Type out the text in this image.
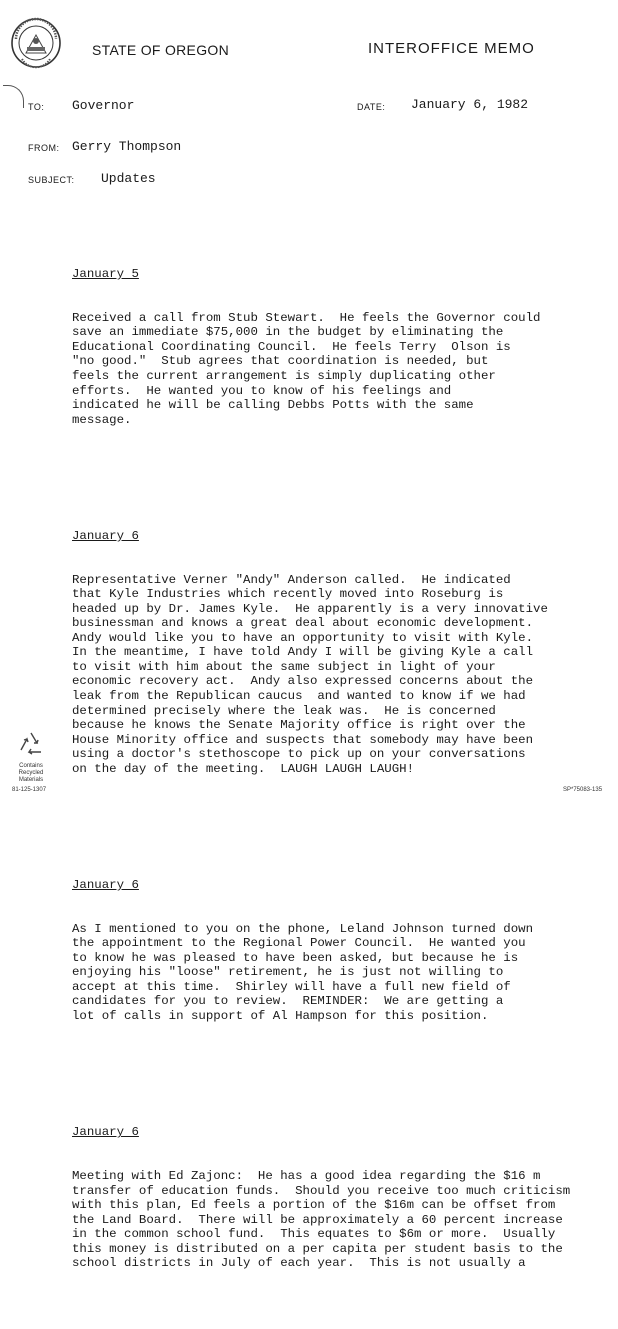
STATE OF OREGON	INTEROFFICE MEMO
TO: Governor	DATE: January 6, 1982
FROM: Gerry Thompson
SUBJECT: Updates

January 5

Received a call from Stub Stewart.  He feels the Governor could
save an immediate $75,000 in the budget by eliminating the
Educational Coordinating Council.  He feels Terry  Olson is
"no good."  Stub agrees that coordination is needed, but
feels the current arrangement is simply duplicating other
efforts.  He wanted you to know of his feelings and
indicated he will be calling Debbs Potts with the same
message.

January 6

Representative Verner "Andy" Anderson called.  He indicated
that Kyle Industries which recently moved into Roseburg is
headed up by Dr. James Kyle.  He apparently is a very innovative
businessman and knows a great deal about economic development.
Andy would like you to have an opportunity to visit with Kyle.
In the meantime, I have told Andy I will be giving Kyle a call
to visit with him about the same subject in light of your
economic recovery act.  Andy also expressed concerns about the
leak from the Republican caucus  and wanted to know if we had
determined precisely where the leak was.  He is concerned
because he knows the Senate Majority office is right over the
House Minority office and suspects that somebody may have been
using a doctor's stethoscope to pick up on your conversations
on the day of the meeting.  LAUGH LAUGH LAUGH!

January 6

As I mentioned to you on the phone, Leland Johnson turned down
the appointment to the Regional Power Council.  He wanted you
to know he was pleased to have been asked, but because he is
enjoying his "loose" retirement, he is just not willing to
accept at this time.  Shirley will have a full new field of
candidates for you to review.  REMINDER:  We are getting a
lot of calls in support of Al Hampson for this position.

January 6

Meeting with Ed Zajonc:  He has a good idea regarding the $16 m
transfer of education funds.  Should you receive too much criticism
with this plan, Ed feels a portion of the $16m can be offset from
the Land Board.  There will be approximately a 60 percent increase
in the common school fund.  This equates to $6m or more.  Usually
this money is distributed on a per capita per student basis to the
school districts in July of each year.  This is not usually a

Contains
Recycled
Materials
81-125-1307	SP*75083-135
